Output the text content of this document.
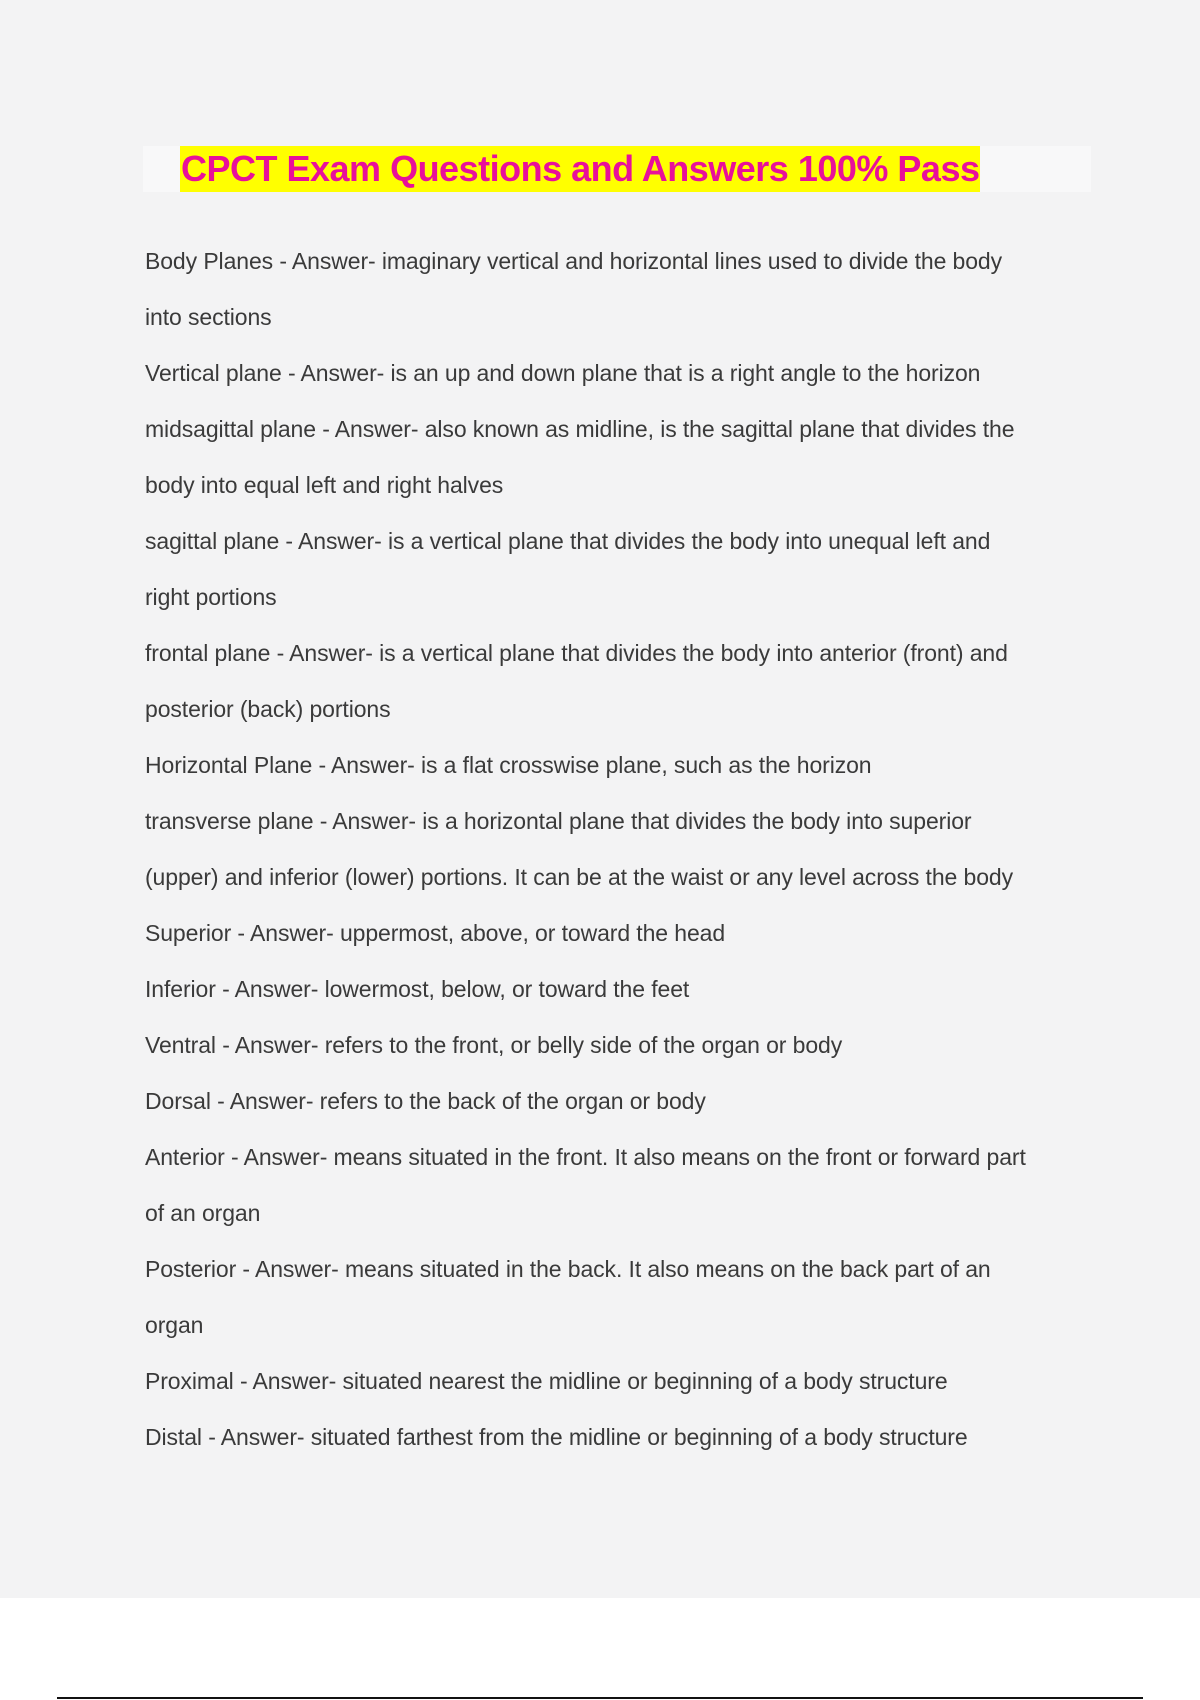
CPCT Exam Questions and Answers 100% Pass
Body Planes - Answer- imaginary vertical and horizontal lines used to divide the body
into sections
Vertical plane - Answer- is an up and down plane that is a right angle to the horizon
midsagittal plane - Answer- also known as midline, is the sagittal plane that divides the
body into equal left and right halves
sagittal plane - Answer- is a vertical plane that divides the body into unequal left and
right portions
frontal plane - Answer- is a vertical plane that divides the body into anterior (front) and
posterior (back) portions
Horizontal Plane - Answer- is a flat crosswise plane, such as the horizon
transverse plane - Answer- is a horizontal plane that divides the body into superior
(upper) and inferior (lower) portions. It can be at the waist or any level across the body
Superior - Answer- uppermost, above, or toward the head
Inferior - Answer- lowermost, below, or toward the feet
Ventral - Answer- refers to the front, or belly side of the organ or body
Dorsal - Answer- refers to the back of the organ or body
Anterior - Answer- means situated in the front. It also means on the front or forward part
of an organ
Posterior - Answer- means situated in the back. It also means on the back part of an
organ
Proximal - Answer- situated nearest the midline or beginning of a body structure
Distal - Answer- situated farthest from the midline or beginning of a body structure
